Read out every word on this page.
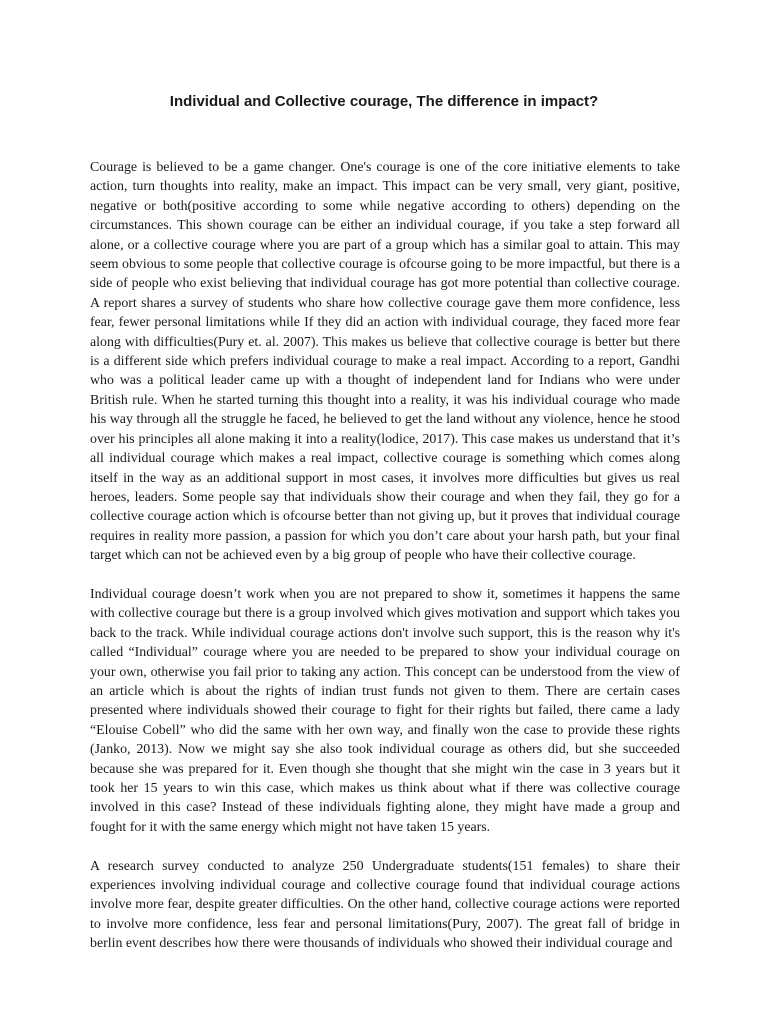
Individual and Collective courage, The difference in impact?

Courage is believed to be a game changer. One's courage is one of the core initiative elements to take action, turn thoughts into reality, make an impact. This impact can be very small, very giant, positive, negative or both(positive according to some while negative according to others) depending on the circumstances. This shown courage can be either an individual courage, if you take a step forward all alone, or a collective courage where you are part of a group which has a similar goal to attain. This may seem obvious to some people that collective courage is ofcourse going to be more impactful, but there is a side of people who exist believing that individual courage has got more potential than collective courage. A report shares a survey of students who share how collective courage gave them more confidence, less fear, fewer personal limitations while If they did an action with individual courage, they faced more fear along with difficulties(Pury et. al. 2007). This makes us believe that collective courage is better but there is a different side which prefers individual courage to make a real impact. According to a report, Gandhi who was a political leader came up with a thought of independent land for Indians who were under British rule. When he started turning this thought into a reality, it was his individual courage who made his way through all the struggle he faced, he believed to get the land without any violence, hence he stood over his principles all alone making it into a reality(lodice, 2017). This case makes us understand that it’s all individual courage which makes a real impact, collective courage is something which comes along itself in the way as an additional support in most cases, it involves more difficulties but gives us real heroes, leaders. Some people say that individuals show their courage and when they fail, they go for a collective courage action which is ofcourse better than not giving up, but it proves that individual courage requires in reality more passion, a passion for which you don’t care about your harsh path, but your final target which can not be achieved even by a big group of people who have their collective courage.

Individual courage doesn’t work when you are not prepared to show it, sometimes it happens the same with collective courage but there is a group involved which gives motivation and support which takes you back to the track. While individual courage actions don't involve such support, this is the reason why it's called “Individual” courage where you are needed to be prepared to show your individual courage on your own, otherwise you fail prior to taking any action. This concept can be understood from the view of an article which is about the rights of indian trust funds not given to them. There are certain cases presented where individuals showed their courage to fight for their rights but failed, there came a lady “Elouise Cobell” who did the same with her own way, and finally won the case to provide these rights (Janko, 2013). Now we might say she also took individual courage as others did, but she succeeded because she was prepared for it. Even though she thought that she might win the case in 3 years but it took her 15 years to win this case, which makes us think about what if there was collective courage involved in this case? Instead of these individuals fighting alone, they might have made a group and fought for it with the same energy which might not have taken 15 years.

A research survey conducted to analyze 250 Undergraduate students(151 females) to share their experiences involving individual courage and collective courage found that individual courage actions involve more fear, despite greater difficulties. On the other hand, collective courage actions were reported to involve more confidence, less fear and personal limitations(Pury, 2007). The great fall of bridge in berlin event describes how there were thousands of individuals who showed their individual courage and
